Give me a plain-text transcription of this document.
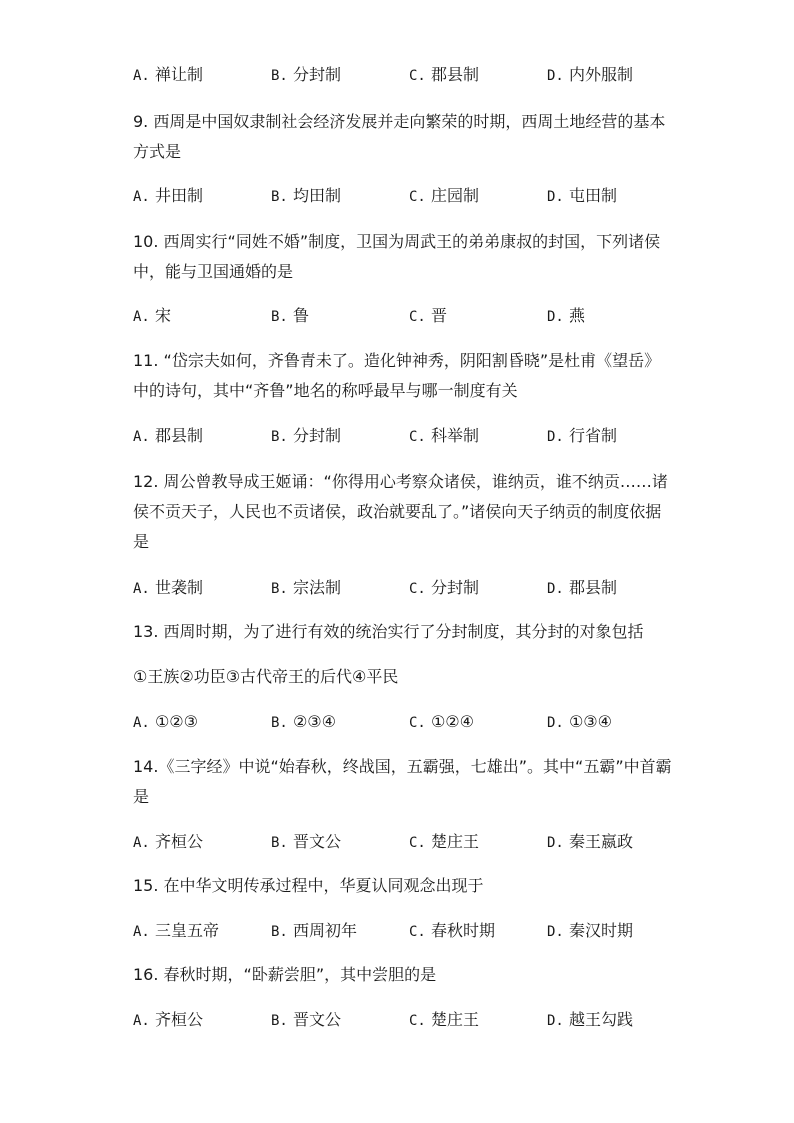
A. 禅让制	B. 分封制	C. 郡县制	D. 内外服制

9. 西周是中国奴隶制社会经济发展并走向繁荣的时期，西周土地经营的基本方式是

A. 井田制	B. 均田制	C. 庄园制	D. 屯田制

10. 西周实行“同姓不婚”制度，卫国为周武王的弟弟康叔的封国，下列诸侯中，能与卫国通婚的是

A. 宋	B. 鲁	C. 晋	D. 燕

11. “岱宗夫如何，齐鲁青未了。造化钟神秀，阴阳割昏晓”是杜甫《望岳》中的诗句，其中“齐鲁”地名的称呼最早与哪一制度有关

A. 郡县制	B. 分封制	C. 科举制	D. 行省制

12. 周公曾教导成王姬诵：“你得用心考察众诸侯，谁纳贡，谁不纳贡……诸侯不贡天子，人民也不贡诸侯，政治就要乱了。”诸侯向天子纳贡的制度依据是

A. 世袭制	B. 宗法制	C. 分封制	D. 郡县制

13. 西周时期，为了进行有效的统治实行了分封制度，其分封的对象包括

①王族②功臣③古代帝王的后代④平民

A. ①②③	B. ②③④	C. ①②④	D. ①③④

14.《三字经》中说“始春秋，终战国，五霸强，七雄出”。其中“五霸”中首霸是

A. 齐桓公	B. 晋文公	C. 楚庄王	D. 秦王嬴政

15. 在中华文明传承过程中，华夏认同观念出现于

A. 三皇五帝	B. 西周初年	C. 春秋时期	D. 秦汉时期

16. 春秋时期，“卧薪尝胆”，其中尝胆的是

A. 齐桓公	B. 晋文公	C. 楚庄王	D. 越王勾践
